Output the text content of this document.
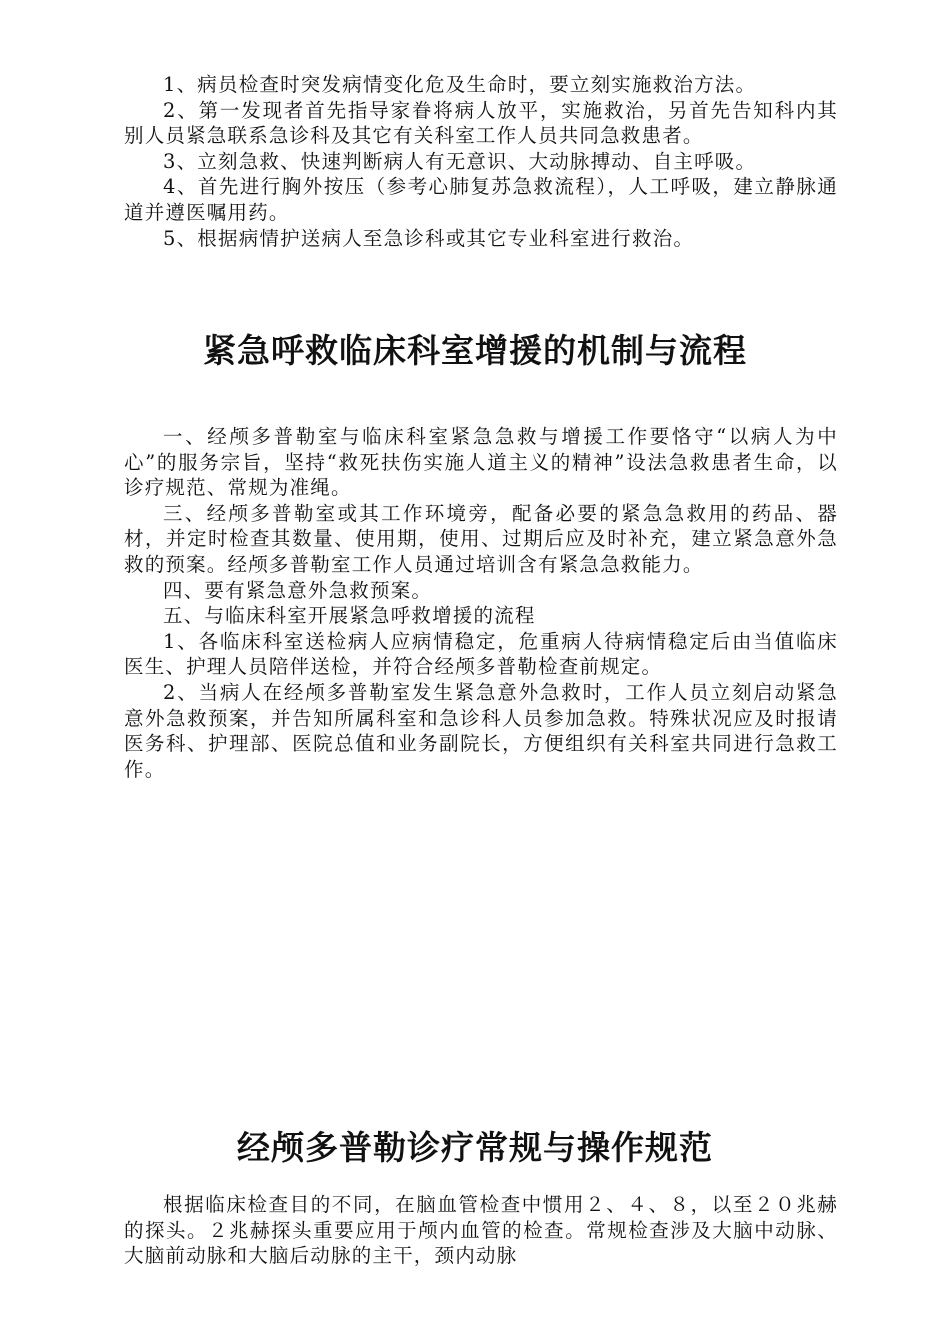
1、病员检查时突发病情变化危及生命时，要立刻实施救治方法。

2、第一发现者首先指导家眷将病人放平，实施救治，另首先告知科内其别人员紧急联系急诊科及其它有关科室工作人员共同急救患者。

3、立刻急救、快速判断病人有无意识、大动脉搏动、自主呼吸。

4、首先进行胸外按压（参考心肺复苏急救流程），人工呼吸，建立静脉通道并遵医嘱用药。

5、根据病情护送病人至急诊科或其它专业科室进行救治。

紧急呼救临床科室增援的机制与流程

一、经颅多普勒室与临床科室紧急急救与增援工作要恪守“以病人为中心”的服务宗旨，坚持“救死扶伤实施人道主义的精神”设法急救患者生命，以诊疗规范、常规为准绳。

三、经颅多普勒室或其工作环境旁，配备必要的紧急急救用的药品、器材，并定时检查其数量、使用期，使用、过期后应及时补充，建立紧急意外急救的预案。经颅多普勒室工作人员通过培训含有紧急急救能力。

四、要有紧急意外急救预案。

五、与临床科室开展紧急呼救增援的流程

1、各临床科室送检病人应病情稳定，危重病人待病情稳定后由当值临床医生、护理人员陪伴送检，并符合经颅多普勒检查前规定。

2、当病人在经颅多普勒室发生紧急意外急救时，工作人员立刻启动紧急意外急救预案，并告知所属科室和急诊科人员参加急救。特殊状况应及时报请医务科、护理部、医院总值和业务副院长，方便组织有关科室共同进行急救工作。

经颅多普勒诊疗常规与操作规范

根据临床检查目的不同，在脑血管检查中惯用２、４、８，以至２０兆赫的探头。２兆赫探头重要应用于颅内血管的检查。常规检查涉及大脑中动脉、大脑前动脉和大脑后动脉的主干，颈内动脉
